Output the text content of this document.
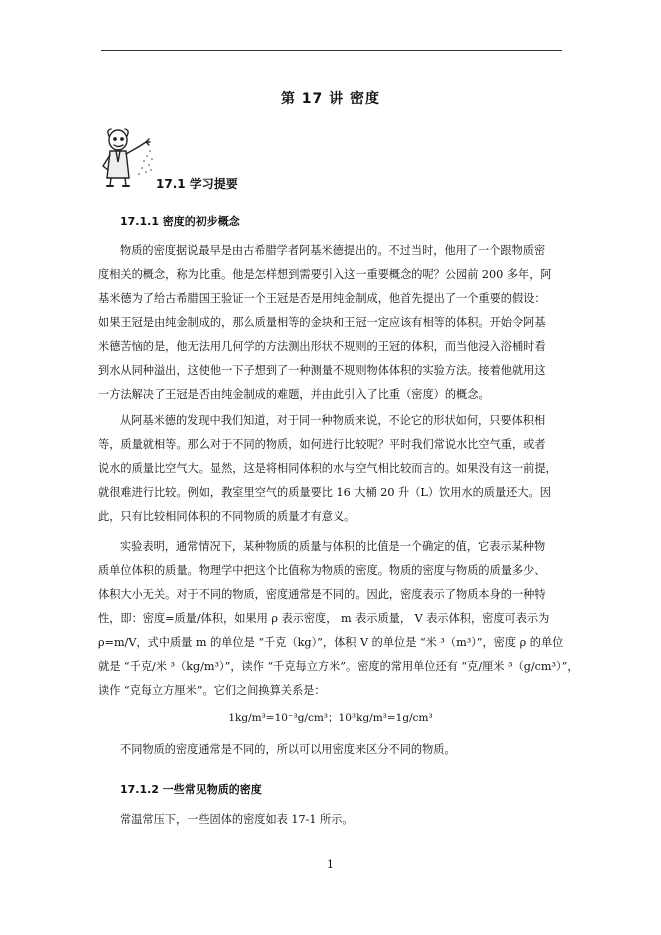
第 17 讲 密度
17.1 学习提要
17.1.1 密度的初步概念
物质的密度据说最早是由古希腊学者阿基米德提出的。不过当时，他用了一个跟物质密
度相关的概念，称为比重。他是怎样想到需要引入这一重要概念的呢？公园前 200 多年，阿
基米德为了给古希腊国王验证一个王冠是否是用纯金制成，他首先提出了一个重要的假设：
如果王冠是由纯金制成的，那么质量相等的金块和王冠一定应该有相等的体积。开始令阿基
米德苦恼的是，他无法用几何学的方法测出形状不规则的王冠的体积，而当他浸入浴桶时看
到水从同种溢出，这使他一下子想到了一种测量不规则物体体积的实验方法。接着他就用这
一方法解决了王冠是否由纯金制成的难题，并由此引入了比重（密度）的概念。
从阿基米德的发现中我们知道，对于同一种物质来说，不论它的形状如何，只要体积相
等，质量就相等。那么对于不同的物质，如何进行比较呢？平时我们常说水比空气重，或者
说水的质量比空气大。显然，这是将相同体积的水与空气相比较而言的。如果没有这一前提，
就很难进行比较。例如，教室里空气的质量要比 16 大桶 20 升（L）饮用水的质量还大。因
此，只有比较相同体积的不同物质的质量才有意义。
实验表明，通常情况下，某种物质的质量与体积的比值是一个确定的值，它表示某种物
质单位体积的质量。物理学中把这个比值称为物质的密度。物质的密度与物质的质量多少、
体积大小无关。对于不同的物质，密度通常是不同的。因此，密度表示了物质本身的一种特
性，即：密度=质量/体积，如果用 ρ 表示密度， m 表示质量， V 表示体积，密度可表示为
ρ=m/V，式中质量 m 的单位是 “千克（kg）”，体积 V 的单位是 “米 ³（m³）”，密度 ρ 的单位
就是 “千克/米 ³（kg/m³）”，读作 “千克每立方米”。密度的常用单位还有 “克/厘米 ³（g/cm³）”，
读作 “克每立方厘米”。它们之间换算关系是：
1kg/m³=10⁻³g/cm³；10³kg/m³=1g/cm³
不同物质的密度通常是不同的，所以可以用密度来区分不同的物质。
17.1.2 一些常见物质的密度
常温常压下，一些固体的密度如表 17-1 所示。
1
